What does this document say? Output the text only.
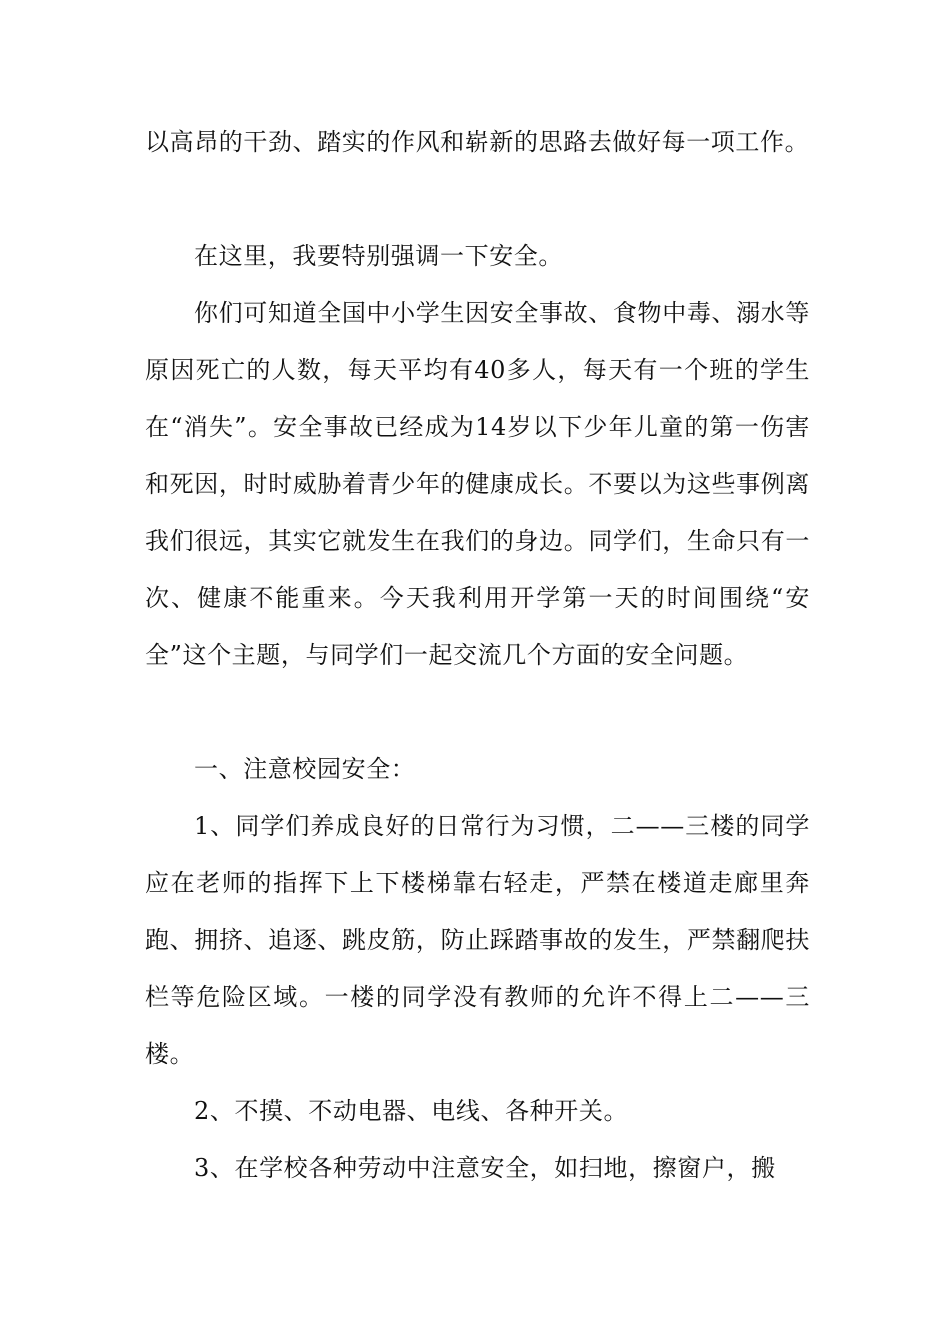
以高昂的干劲、踏实的作风和崭新的思路去做好每一项工作。

在这里，我要特别强调一下安全。

你们可知道全国中小学生因安全事故、食物中毒、溺水等原因死亡的人数，每天平均有40多人，每天有一个班的学生在“消失”。安全事故已经成为14岁以下少年儿童的第一伤害和死因，时时威胁着青少年的健康成长。不要以为这些事例离我们很远，其实它就发生在我们的身边。同学们，生命只有一次、健康不能重来。今天我利用开学第一天的时间围绕“安全”这个主题，与同学们一起交流几个方面的安全问题。

一、注意校园安全：

1、同学们养成良好的日常行为习惯，二——三楼的同学应在老师的指挥下上下楼梯靠右轻走，严禁在楼道走廊里奔跑、拥挤、追逐、跳皮筋，防止踩踏事故的发生，严禁翻爬扶栏等危险区域。一楼的同学没有教师的允许不得上二——三楼。

2、不摸、不动电器、电线、各种开关。

3、在学校各种劳动中注意安全，如扫地，擦窗户，搬
